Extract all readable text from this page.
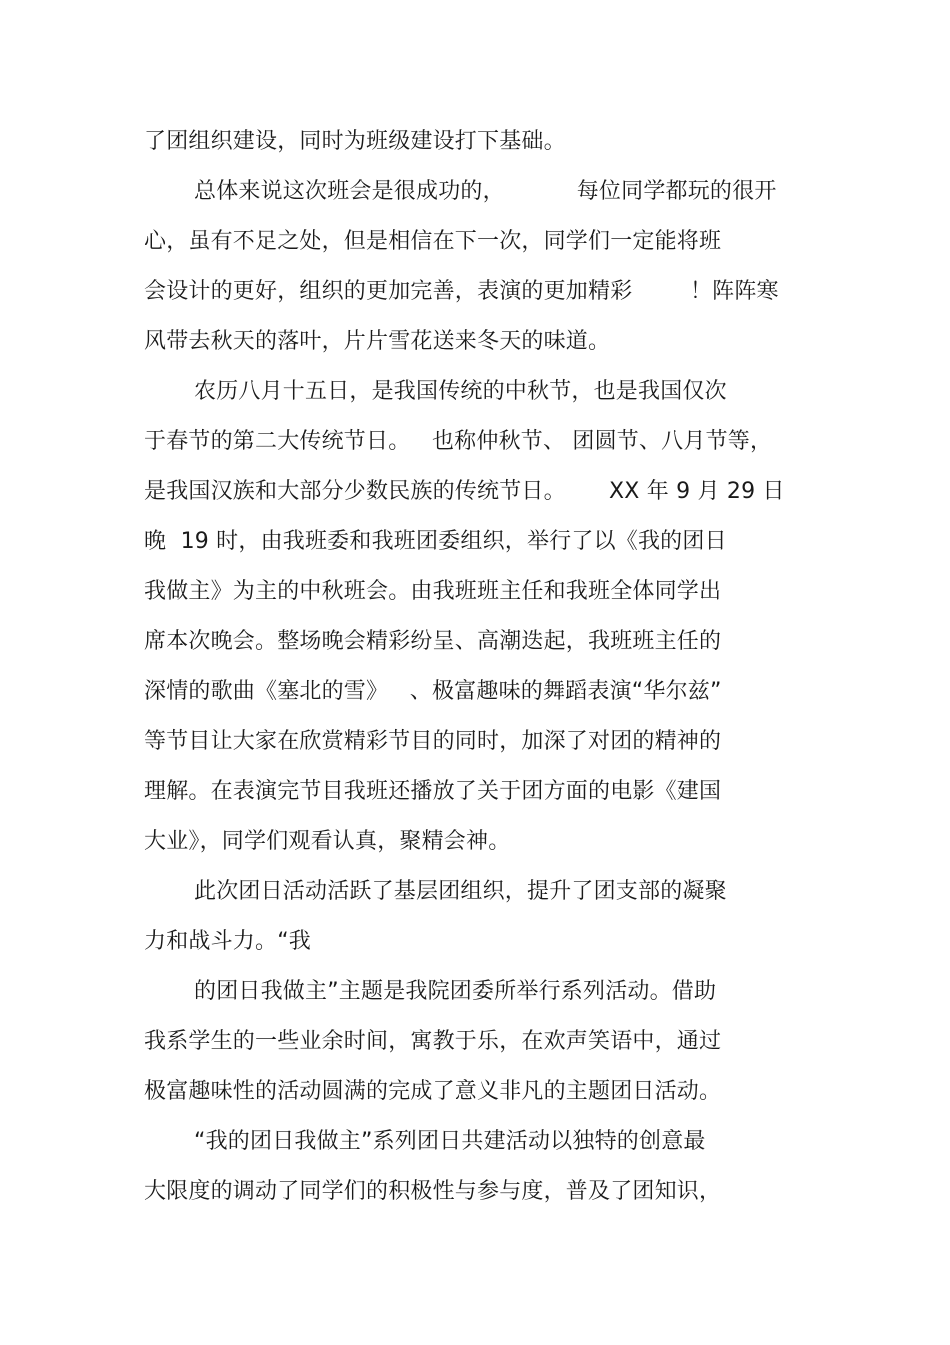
了团组织建设，同时为班级建设打下基础。

总体来说这次班会是很成功的，          每位同学都玩的很开

心，虽有不足之处，但是相信在下一次，同学们一定能将班

会设计的更好，组织的更加完善，表演的更加精彩        ！阵阵寒

风带去秋天的落叶，片片雪花送来冬天的味道。

农历八月十五日，是我国传统的中秋节，也是我国仅次

于春节的第二大传统节日。   也称仲秋节、 团圆节、八月节等，

是我国汉族和大部分少数民族的传统节日。      XX 年 9 月 29 日

晚  19 时，由我班委和我班团委组织，举行了以《我的团日

我做主》为主的中秋班会。由我班班主任和我班全体同学出

席本次晚会。整场晚会精彩纷呈、高潮迭起，我班班主任的

深情的歌曲《塞北的雪》   、极富趣味的舞蹈表演“华尔兹”

等节目让大家在欣赏精彩节目的同时，加深了对团的精神的

理解。在表演完节目我班还播放了关于团方面的电影《建国

大业》，同学们观看认真，聚精会神。

此次团日活动活跃了基层团组织，提升了团支部的凝聚

力和战斗力。“我

的团日我做主”主题是我院团委所举行系列活动。借助

我系学生的一些业余时间，寓教于乐，在欢声笑语中，通过

极富趣味性的活动圆满的完成了意义非凡的主题团日活动。

“我的团日我做主”系列团日共建活动以独特的创意最

大限度的调动了同学们的积极性与参与度，普及了团知识，
